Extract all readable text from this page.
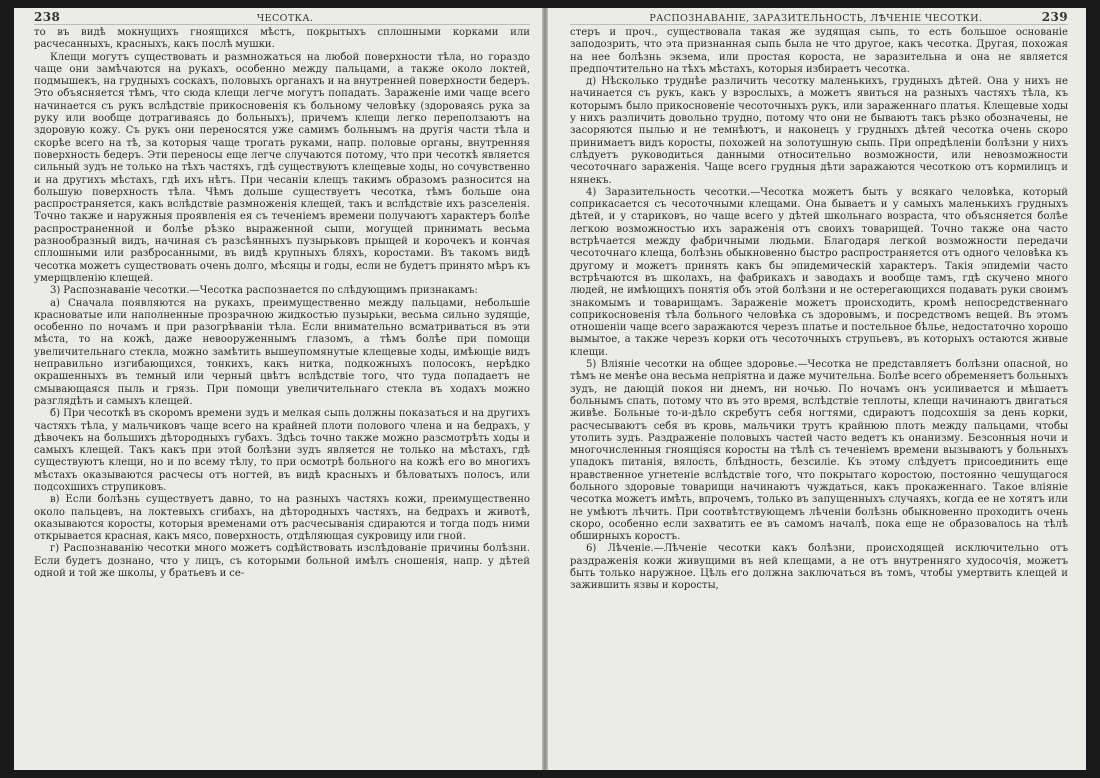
238	ЧЕСОТКА.

то въ видѣ мокнущихъ гноящихся мѣстъ, покрытыхъ сплошными корками или расчесанныхъ, красныхъ, какъ послѣ мушки.

Клещи могутъ существовать и размножаться на любой поверхности тѣла, но гораздо чаще они замѣчаются на рукахъ, особенно между пальцами, а также около локтей, подмышекъ, на грудныхъ соскахъ, половыхъ органахъ и на внутренней поверхности бедеръ. Это объясняется тѣмъ, что сюда клещи легче могутъ попадать. Зараженіе ими чаще всего начинается съ рукъ вслѣдствіе прикосновенія къ больному человѣку (здороваясь рука за руку или вообще дотрагиваясь до больныхъ), причемъ клещи легко переползаютъ на здоровую кожу. Съ рукъ они переносятся уже самимъ больнымъ на другія части тѣла и скорѣе всего на тѣ, за которыя чаще трогать руками, напр. половые органы, внутренняя поверхность бедеръ. Эти переносы еще легче случаются потому, что при чесоткѣ является сильный зудъ не только на тѣхъ частяхъ, гдѣ существуютъ клещевые ходы, но сочувственно и на другихъ мѣстахъ, гдѣ ихъ нѣтъ. При чесаніи клещъ такимъ образомъ разносится на большую поверхность тѣла. Чѣмъ дольше существуетъ чесотка, тѣмъ больше она распространяется, какъ вслѣдствіе размноженія клещей, такъ и вслѣдствіе ихъ разселенія. Точно также и наружныя проявленія ея съ теченіемъ времени получаютъ характеръ болѣе распространенной и болѣе рѣзко выраженной сыпи, могущей принимать весьма разнообразный видъ, начиная съ разсѣянныхъ пузырьковъ прыщей и корочекъ и кончая сплошными или разбросанными, въ видѣ крупныхъ бляхъ, коростами. Въ такомъ видѣ чесотка можетъ существовать очень долго, мѣсяцы и годы, если не будетъ принято мѣръ къ умерщвленію клещей.

3) Распознаваніе чесотки.—Чесотка распознается по слѣдующимъ признакамъ:

а) Сначала появляются на рукахъ, преимущественно между пальцами, небольшіе красноватые или наполненные прозрачною жидкостью пузырьки, весьма сильно зудящіе, особенно по ночамъ и при разогрѣваніи тѣла. Если внимательно всматриваться въ эти мѣста, то на кожѣ, даже невооруженнымъ глазомъ, а тѣмъ болѣе при помощи увеличительнаго стекла, можно замѣтить вышеупомянутые клещевые ходы, имѣющіе видъ неправильно изгибающихся, тонкихъ, какъ нитка, подкожныхъ полосокъ, нерѣдко окрашенныхъ въ темный или черный цвѣтъ вслѣдствіе того, что туда попадаетъ не смывающаяся пыль и грязь. При помощи увеличительнаго стекла въ ходахъ можно разглядѣть и самыхъ клещей.

б) При чесоткѣ въ скоромъ времени зудъ и мелкая сыпь должны показаться и на другихъ частяхъ тѣла, у мальчиковъ чаще всего на крайней плоти полового члена и на бедрахъ, у дѣвочекъ на большихъ дѣтородныхъ губахъ. Здѣсь точно также можно разсмотрѣть ходы и самыхъ клещей. Такъ какъ при этой болѣзни зудъ является не только на мѣстахъ, гдѣ существуютъ клещи, но и по всему тѣлу, то при осмотрѣ больного на кожѣ его во многихъ мѣстахъ оказываются расчесы отъ ногтей, въ видѣ красныхъ и бѣловатыхъ полосъ, или подсохшихъ струпиковъ.

в) Если болѣзнь существуетъ давно, то на разныхъ частяхъ кожи, преимущественно около пальцевъ, на локтевыхъ сгибахъ, на дѣтородныхъ частяхъ, на бедрахъ и животѣ, оказываются коросты, которыя временами отъ расчесыванія сдираются и тогда подъ ними открывается красная, какъ мясо, поверхность, отдѣляющая сукровицу или гной.

г) Распознаванію чесотки много можетъ содѣйствовать изслѣдованіе причины болѣзни. Если будетъ дознано, что у лицъ, съ которыми больной имѣлъ сношенія, напр. у дѣтей одной и той же школы, у братьевъ и се-

РАСПОЗНАВАНІЕ, ЗАРАЗИТЕЛЬНОСТЬ, ЛѢЧЕНІЕ ЧЕСОТКИ.	239

стеръ и проч., существовала такая же зудящая сыпь, то есть большое основаніе заподозрить, что эта признанная сыпь была не что другое, какъ чесотка. Другая, похожая на нее болѣзнь экзема, или простая короста, не заразительна и она не является предпочтительно на тѣхъ мѣстахъ, которыя избираетъ чесотка.

д) Нѣсколько труднѣе различить чесотку маленькихъ, грудныхъ дѣтей. Она у нихъ не начинается съ рукъ, какъ у взрослыхъ, а можетъ явиться на разныхъ частяхъ тѣла, къ которымъ было прикосновеніе чесоточныхъ рукъ, или зараженнаго платья. Клещевые ходы у нихъ различить довольно трудно, потому что они не бываютъ такъ рѣзко обозначены, не засоряются пылью и не темнѣютъ, и наконецъ у грудныхъ дѣтей чесотка очень скоро принимаетъ видъ коросты, похожей на золотушную сыпь. При опредѣленіи болѣзни у нихъ слѣдуетъ руководиться данными относительно возможности, или невозможности чесоточнаго зараженія. Чаще всего грудныя дѣти заражаются чесоткою отъ кормилицъ и нянекъ.

4) Заразительность чесотки.—Чесотка можетъ быть у всякаго человѣка, который соприкасается съ чесоточными клещами. Она бываетъ и у самыхъ маленькихъ грудныхъ дѣтей, и у стариковъ, но чаще всего у дѣтей школьнаго возраста, что объясняется болѣе легкою возможностью ихъ зараженія отъ своихъ товарищей. Точно также она часто встрѣчается между фабричными людьми. Благодаря легкой возможности передачи чесоточнаго клеща, болѣзнь обыкновенно быстро распространяется отъ одного человѣка къ другому и можетъ принять какъ бы эпидемическій характеръ. Такія эпидеміи часто встрѣчаются въ школахъ, на фабрикахъ и заводахъ и вообще тамъ, гдѣ скучено много людей, не имѣющихъ понятія объ этой болѣзни и не остерегающихся подавать руки своимъ знакомымъ и товарищамъ. Зараженіе можетъ происходить, кромѣ непосредственнаго соприкосновенія тѣла больного человѣка съ здоровымъ, и посредствомъ вещей. Въ этомъ отношеніи чаще всего заражаются черезъ платье и постельное бѣлье, недостаточно хорошо вымытое, а также черезъ корки отъ чесоточныхъ струпьевъ, въ которыхъ остаются живые клещи.

5) Вліяніе чесотки на общее здоровье.—Чесотка не представляетъ болѣзни опасной, но тѣмъ не менѣе она весьма непріятна и даже мучительна. Болѣе всего обременяетъ больныхъ зудъ, не дающій покоя ни днемъ, ни ночью. По ночамъ онъ усиливается и мѣшаетъ больнымъ спать, потому что въ это время, вслѣдствіе теплоты, клещи начинаютъ двигаться живѣе. Больные то-и-дѣло скребутъ себя ногтями, сдираютъ подсохшія за день корки, расчесываютъ себя въ кровь, мальчики трутъ крайнюю плоть между пальцами, чтобы утолить зудъ. Раздраженіе половыхъ частей часто ведетъ къ онанизму. Безсонныя ночи и многочисленныя гноящіяся коросты на тѣлѣ съ теченіемъ времени вызываютъ у больныхъ упадокъ питанія, вялость, блѣдность, безсиліе. Къ этому слѣдуетъ присоединить еще нравственное угнетеніе вслѣдствіе того, что покрытаго коростою, постоянно чешущагося больного здоровые товарищи начинаютъ чуждаться, какъ прокаженнаго. Такое вліяніе чесотка можетъ имѣть, впрочемъ, только въ запущенныхъ случаяхъ, когда ее не хотятъ или не умѣютъ лѣчить. При соотвѣтствующемъ лѣченіи болѣзнь обыкновенно проходитъ очень скоро, особенно если захватить ее въ самомъ началѣ, пока еще не образовалось на тѣлѣ обширныхъ коростъ.

6) Лѣченіе.—Лѣченіе чесотки какъ болѣзни, происходящей исключительно отъ раздраженія кожи живущими въ ней клещами, а не отъ внутренняго худосочія, можетъ быть только наружное. Цѣль его должна заключаться въ томъ, чтобы умертвить клещей и зажившить язвы и коросты,
